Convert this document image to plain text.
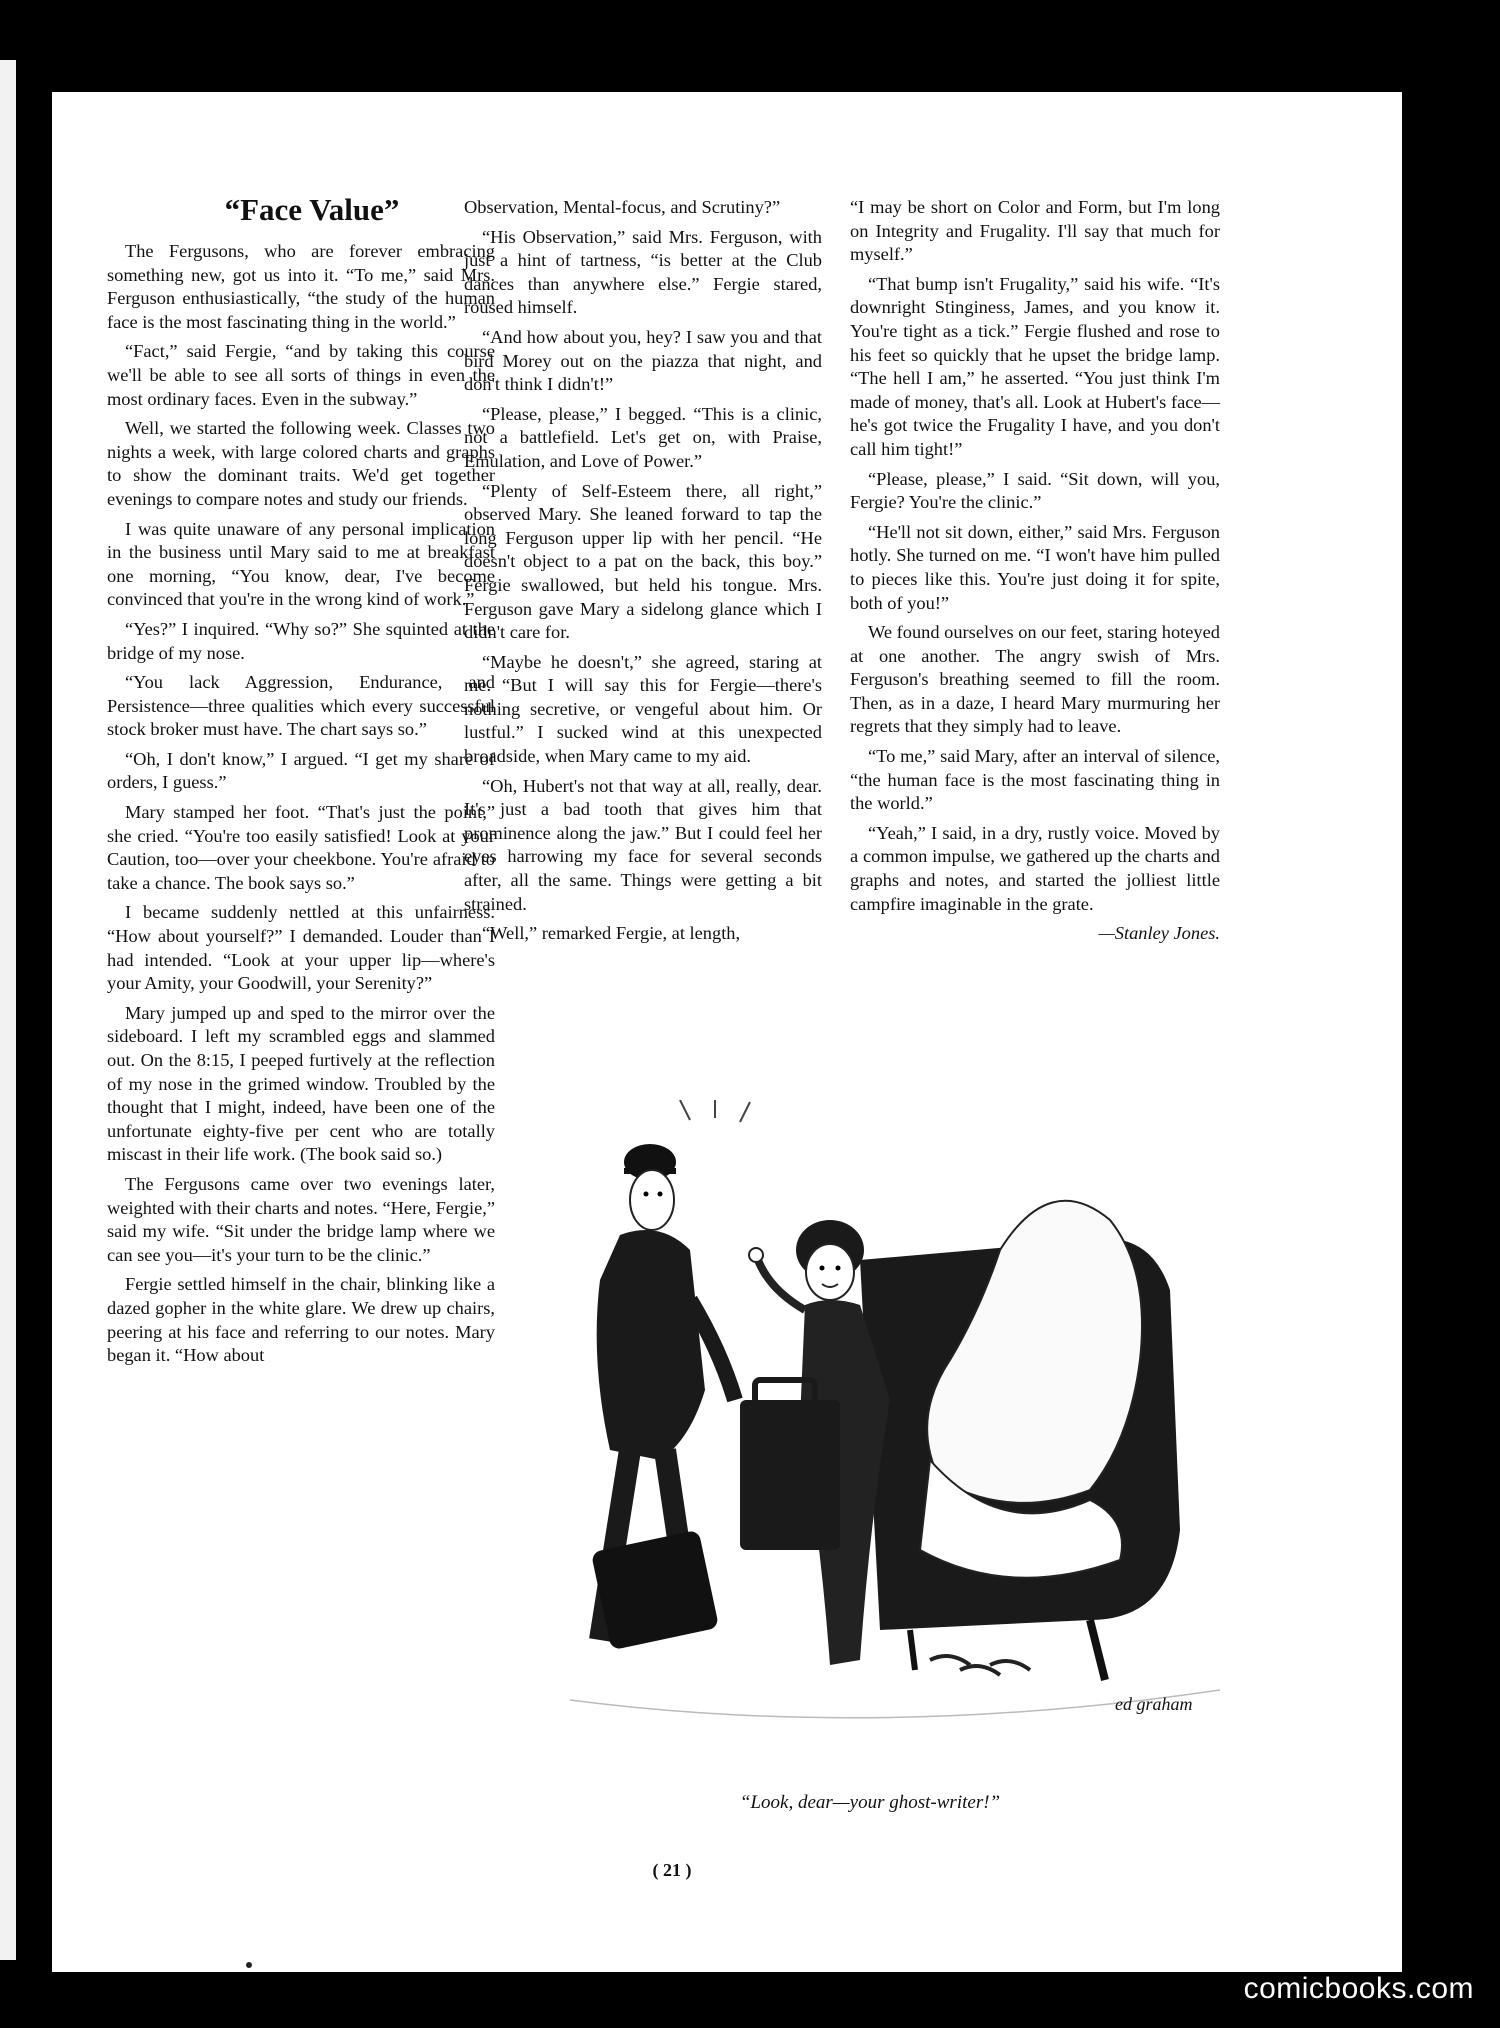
“Face Value”

The Fergusons, who are forever embracing something new, got us into it. “To me,” said Mrs. Ferguson enthusiastically, “the study of the human face is the most fascinating thing in the world.”

“Fact,” said Fergie, “and by taking this course we'll be able to see all sorts of things in even the most ordinary faces. Even in the subway.”

Well, we started the following week. Classes two nights a week, with large colored charts and graphs to show the dominant traits. We'd get together evenings to compare notes and study our friends.

I was quite unaware of any personal implication in the business until Mary said to me at breakfast one morning, “You know, dear, I've become convinced that you're in the wrong kind of work.”

“Yes?” I inquired. “Why so?” She squinted at the bridge of my nose.

“You lack Aggression, Endurance, and Persistence—three qualities which every successful stock broker must have. The chart says so.”

“Oh, I don't know,” I argued. “I get my share of orders, I guess.”

Mary stamped her foot. “That's just the point,” she cried. “You're too easily satisfied! Look at your Caution, too—over your cheekbone. You're afraid to take a chance. The book says so.”

I became suddenly nettled at this unfairness. “How about yourself?” I demanded. Louder than I had intended. “Look at your upper lip—where's your Amity, your Goodwill, your Serenity?”

Mary jumped up and sped to the mirror over the sideboard. I left my scrambled eggs and slammed out. On the 8:15, I peeped furtively at the reflection of my nose in the grimed window. Troubled by the thought that I might, indeed, have been one of the unfortunate eighty-five per cent who are totally miscast in their life work. (The book said so.)

The Fergusons came over two evenings later, weighted with their charts and notes. “Here, Fergie,” said my wife. “Sit under the bridge lamp where we can see you—it's your turn to be the clinic.”

Fergie settled himself in the chair, blinking like a dazed gopher in the white glare. We drew up chairs, peering at his face and referring to our notes. Mary began it. “How about

Observation, Mental-focus, and Scrutiny?”

“His Observation,” said Mrs. Ferguson, with just a hint of tartness, “is better at the Club dances than anywhere else.” Fergie stared, roused himself.

“And how about you, hey? I saw you and that bird Morey out on the piazza that night, and don't think I didn't!”

“Please, please,” I begged. “This is a clinic, not a battlefield. Let's get on, with Praise, Emulation, and Love of Power.”

“Plenty of Self-Esteem there, all right,” observed Mary. She leaned forward to tap the long Ferguson upper lip with her pencil. “He doesn't object to a pat on the back, this boy.” Fergie swallowed, but held his tongue. Mrs. Ferguson gave Mary a sidelong glance which I didn't care for.

“Maybe he doesn't,” she agreed, staring at me. “But I will say this for Fergie—there's nothing secretive, or vengeful about him. Or lustful.” I sucked wind at this unexpected broadside, when Mary came to my aid.

“Oh, Hubert's not that way at all, really, dear. It's just a bad tooth that gives him that prominence along the jaw.” But I could feel her eyes harrowing my face for several seconds after, all the same. Things were getting a bit strained.

“Well,” remarked Fergie, at length,

“I may be short on Color and Form, but I'm long on Integrity and Frugality. I'll say that much for myself.”

“That bump isn't Frugality,” said his wife. “It's downright Stinginess, James, and you know it. You're tight as a tick.” Fergie flushed and rose to his feet so quickly that he upset the bridge lamp. “The hell I am,” he asserted. “You just think I'm made of money, that's all. Look at Hubert's face—he's got twice the Frugality I have, and you don't call him tight!”

“Please, please,” I said. “Sit down, will you, Fergie? You're the clinic.”

“He'll not sit down, either,” said Mrs. Ferguson hotly. She turned on me. “I won't have him pulled to pieces like this. You're just doing it for spite, both of you!”

We found ourselves on our feet, staring hoteyed at one another. The angry swish of Mrs. Ferguson's breathing seemed to fill the room. Then, as in a daze, I heard Mary murmuring her regrets that they simply had to leave.

“To me,” said Mary, after an interval of silence, “the human face is the most fascinating thing in the world.”

“Yeah,” I said, in a dry, rustly voice. Moved by a common impulse, we gathered up the charts and graphs and notes, and started the jolliest little campfire imaginable in the grate.

—Stanley Jones.
ed graham
“Look, dear—your ghost-writer!”
( 21 )
comicbooks.com
